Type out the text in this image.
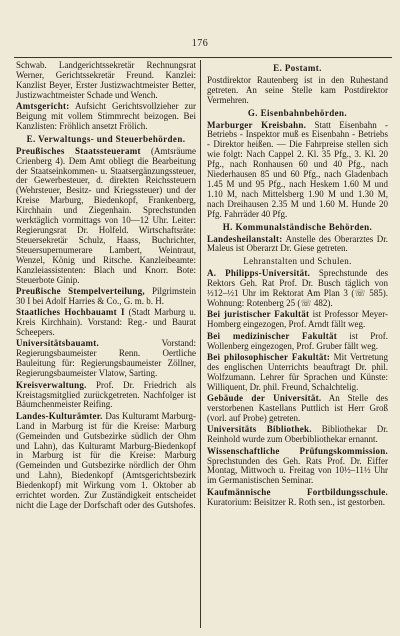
176

Schwab. Landgerichtssekretär Rechnungsrat Werner, Gerichtssekretär Freund. Kanzlei: Kanzlist Beyer, Erster Justizwachtmeister Better, Justizwachtmeister Schade und Wench.

Amtsgericht: Aufsicht Gerichtsvollzieher zur Beigung mit vollem Stimmrecht beizogen. Bei Kanzlisten: Fröhlich ansetzt Frölich.

E. Verwaltungs- und Steuerbehörden.

Preußisches Staatssteueramt (Amtsräume Crienberg 4). Dem Amt obliegt die Bearbeitung der Staatseinkommen- u. Staatsergänzungssteuer, der Gewerbesteuer, d. direkten Reichssteuern (Wehrsteuer, Besitz- und Kriegssteuer) und der Kreise Marburg, Biedenkopf, Frankenberg, Kirchhain und Ziegenhain. Sprechstunden werktäglich vormittags von 10—12 Uhr. Leiter: Regierungsrat Dr. Holfeld. Wirtschaftsräte: Steuersekretär Schulz, Haass, Buchrichter, Steuersupernumerare Lambert, Weintraut, Wenzel, König und Ritsche. Kanzleibeamte: Kanzleiassistenten: Blach und Knorr. Bote: Steuerbote Ginip.

Preußische Stempelverteilung, Pilgrimstein 30 I bei Adolf Harries & Co., G. m. b. H.

Staatliches Hochbauamt I (Stadt Marburg u. Kreis Kirchhain). Vorstand: Reg.- und Baurat Scheepers.

Universitätsbauamt.	Vorstand: Regierungsbaumeister Renn. Oertliche Bauleitung für: Regierungsbaumeister Zöllner, Regierungsbaumeister Vlatow, Sarting.

Kreisverwaltung. Prof. Dr. Friedrich als Kreistagsmitglied zurückgetreten. Nachfolger ist Bäumchenmeister Reifing.

Landes-Kulturämter. Das Kulturamt Marburg-Land in Marburg ist für die Kreise: Marburg (Gemeinden und Gutsbezirke südlich der Ohm und Lahn), das Kulturamt Marburg-Biedenkopf in Marburg ist für die Kreise: Marburg (Gemeinden und Gutsbezirke nördlich der Ohm und Lahn), Biedenkopf (Amtsgerichtsbezirk Biedenkopf) mit Wirkung vom 1. Oktober ab errichtet worden. Zur Zuständigkeit entscheidet nicht die Lage der Dorfschaft oder des Gutshofes.

E. Postamt.

Postdirektor Rautenberg ist in den Ruhestand getreten. An seine Stelle kam Postdirektor Vermehren.

G. Eisenbahnbehörden.

Marburger Kreisbahn. Statt Eisenbahn - Betriebs - Inspektor muß es Eisenbahn - Betriebs - Direktor heißen. — Die Fahrpreise stellen sich wie folgt: Nach Cappel 2. Kl. 35 Pfg., 3. Kl. 20 Pfg., nach Ronhausen 60 und 40 Pfg., nach Niederhausen 85 und 60 Pfg., nach Gladenbach 1.45 M und 95 Pfg., nach Heskem 1.60 M und 1.10 M, nach Mittelsberg 1.90 M und 1.30 M, nach Dreihausen 2.35 M und 1.60 M. Hunde 20 Pfg. Fahrräder 40 Pfg.

H. Kommunalständische Behörden.

Landesheilanstalt: Anstelle des Oberarztes Dr. Maleus ist Oberarzt Dr. Giese getreten.

Lehranstalten und Schulen.

A. Philipps-Universität. Sprechstunde des Rektors Geh. Rat Prof. Dr. Busch täglich von ½12–½1 Uhr im Rektorat Am Plan 3 (☏ 585). Wohnung: Rotenberg 25 (☏ 482).

Bei juristischer Fakultät ist Professor Meyer-Homberg eingezogen, Prof. Arndt fällt weg.

Bei medizinischer Fakultät ist Prof. Wollenberg eingezogen, Prof. Gruber fällt weg.

Bei philosophischer Fakultät: Mit Vertretung des englischen Unterrichts beauftragt Dr. phil. Wolfzumann. Lehrer für Sprachen und Künste: Williquent, Dr. phil. Freund, Schalchtelig.

Gebäude der Universität. An Stelle des verstorbenen Kastellans Puttlich ist Herr Groß (vorl. auf Probe) getreten.

Universitäts Bibliothek. Bibliothekar Dr. Reinhold wurde zum Oberbibliothekar ernannt.

Wissenschaftliche Prüfungskommission. Sprechstunden des Geh. Rats Prof. Dr. Eiffer Montag, Mittwoch u. Freitag von 10½–11½ Uhr im Germanistischen Seminar.

Kaufmännische Fortbildungsschule. Kuratorium: Beisitzer R. Roth sen., ist gestorben.
